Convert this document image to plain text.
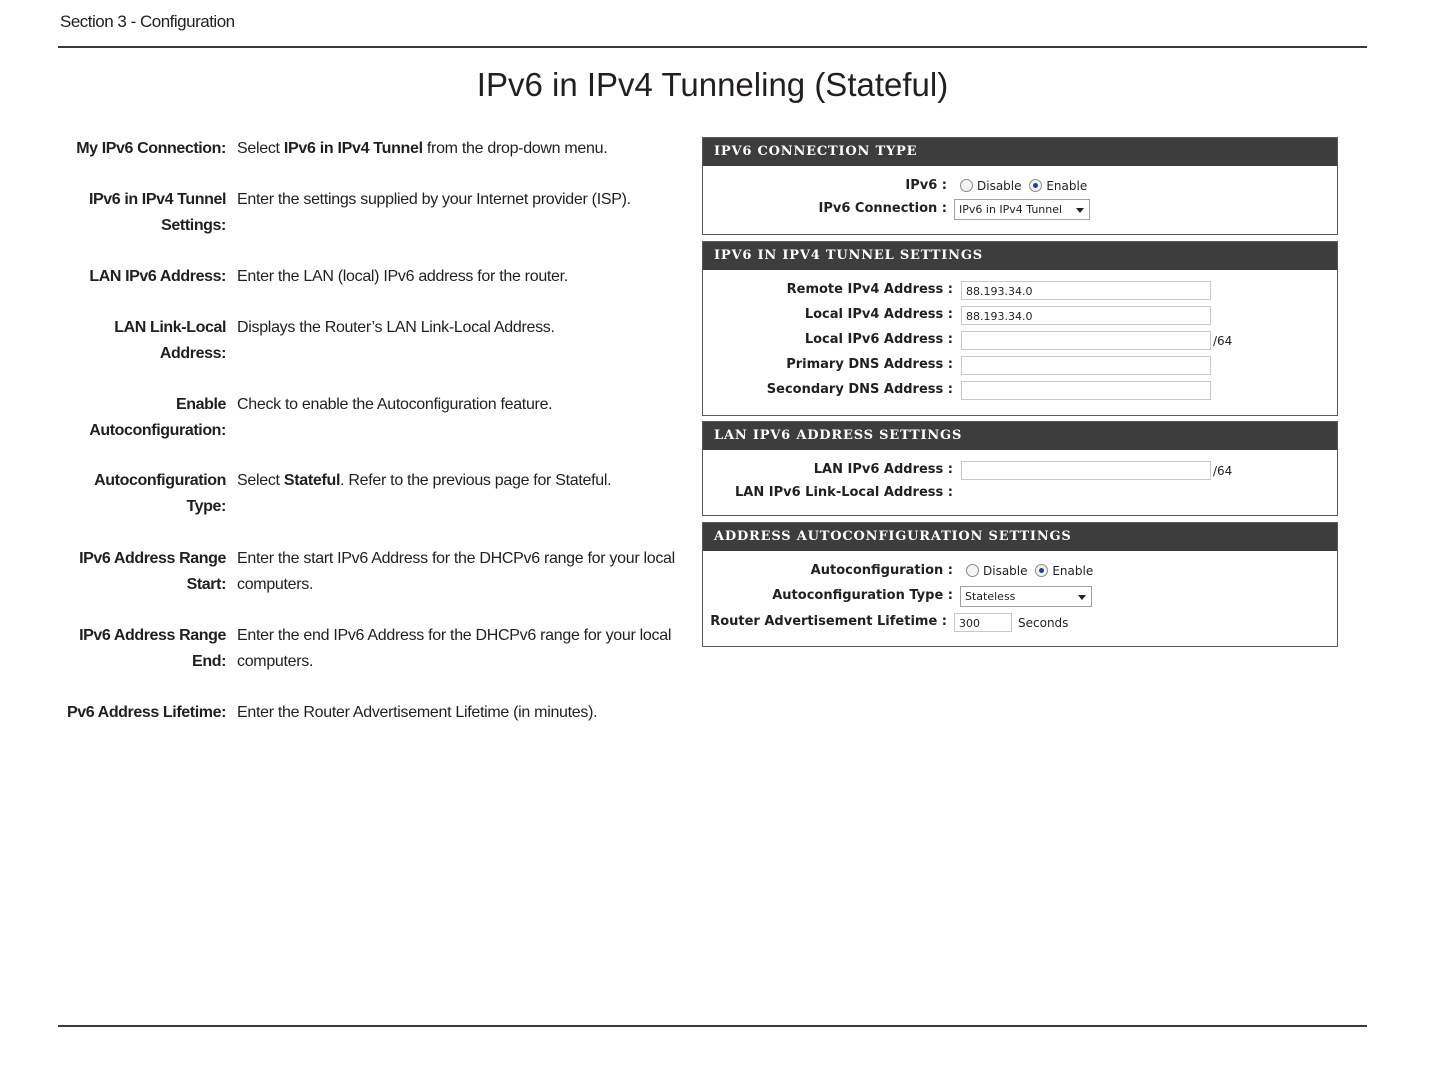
Section 3 - Configuration
IPv6 in IPv4 Tunneling (Stateful)
My IPv6 Connection: Select IPv6 in IPv4 Tunnel from the drop-down menu.
IPv6 in IPv4 Tunnel Settings:
Enter the settings supplied by your Internet provider (ISP).
LAN IPv6 Address: Enter the LAN (local) IPv6 address for the router.
LAN Link-Local Address:
Displays the Router’s LAN Link-Local Address.
Enable Autoconfiguration:
Check to enable the Autoconfiguration feature.
Autoconfiguration Type:
Select Stateful. Refer to the previous page for Stateful.
IPv6 Address Range Start:
Enter the start IPv6 Address for the DHCPv6 range for your local computers.
IPv6 Address Range End:
Enter the end IPv6 Address for the DHCPv6 range for your local computers.
Pv6 Address Lifetime: Enter the Router Advertisement Lifetime (in minutes).
IPV6 CONNECTION TYPE
IPv6 :	Disable Enable
IPv6 Connection :	IPv6 in IPv4 Tunnel
IPV6 IN IPV4 TUNNEL SETTINGS
Remote IPv4 Address :	88.193.34.0
Local IPv4 Address :	88.193.34.0
Local IPv6 Address :	/64
Primary DNS Address :
Secondary DNS Address :
LAN IPV6 ADDRESS SETTINGS
LAN IPv6 Address :	/64
LAN IPv6 Link-Local Address :
ADDRESS AUTOCONFIGURATION SETTINGS
Autoconfiguration :	Disable Enable
Autoconfiguration Type :	Stateless
Router Advertisement Lifetime :	300	Seconds
